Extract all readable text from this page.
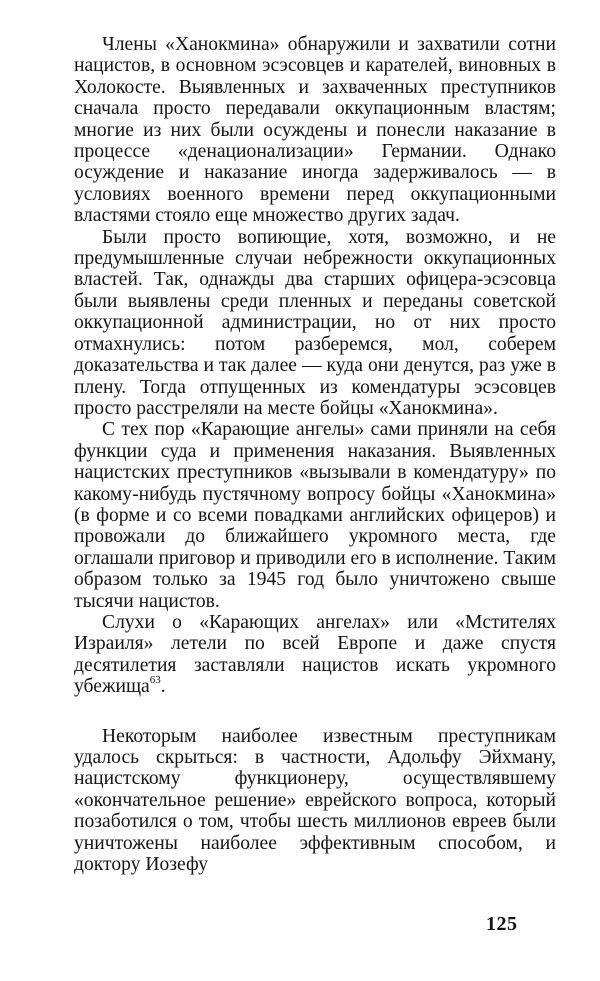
Члены «Ханокмина» обнаружили и захватили сотни нацистов, в основном эсэсовцев и карателей, виновных в Холокосте. Выявленных и захваченных преступников сначала просто передавали оккупационным властям; многие из них были осуждены и понесли наказание в процессе «денационализации» Германии. Однако осуждение и наказание иногда задерживалось — в условиях военного времени перед оккупационными властями стояло еще множество других задач.

Были просто вопиющие, хотя, возможно, и не предумышленные случаи небрежности оккупационных властей. Так, однажды два старших офицера-эсэсовца были выявлены среди пленных и переданы советской оккупационной администрации, но от них просто отмахнулись: потом разберемся, мол, соберем доказательства и так далее — куда они денутся, раз уже в плену. Тогда отпущенных из комендатуры эсэсовцев просто расстреляли на месте бойцы «Ханокмина».

С тех пор «Карающие ангелы» сами приняли на себя функции суда и применения наказания. Выявленных нацистских преступников «вызывали в комендатуру» по какому-нибудь пустячному вопросу бойцы «Ханокмина» (в форме и со всеми повадками английских офицеров) и провожали до ближайшего укромного места, где оглашали приговор и приводили его в исполнение. Таким образом только за 1945 год было уничтожено свыше тысячи нацистов.

Слухи о «Карающих ангелах» или «Мстителях Израиля» летели по всей Европе и даже спустя десятилетия заставляли нацистов искать укромного убежища$^{63}$.

Некоторым наиболее известным преступникам удалось скрыться: в частности, Адольфу Эйхману, нацистскому функционеру, осуществлявшему «окончательное решение» еврейского вопроса, который позаботился о том, чтобы шесть миллионов евреев были уничтожены наиболее эффективным способом, и доктору Иозефу

125
